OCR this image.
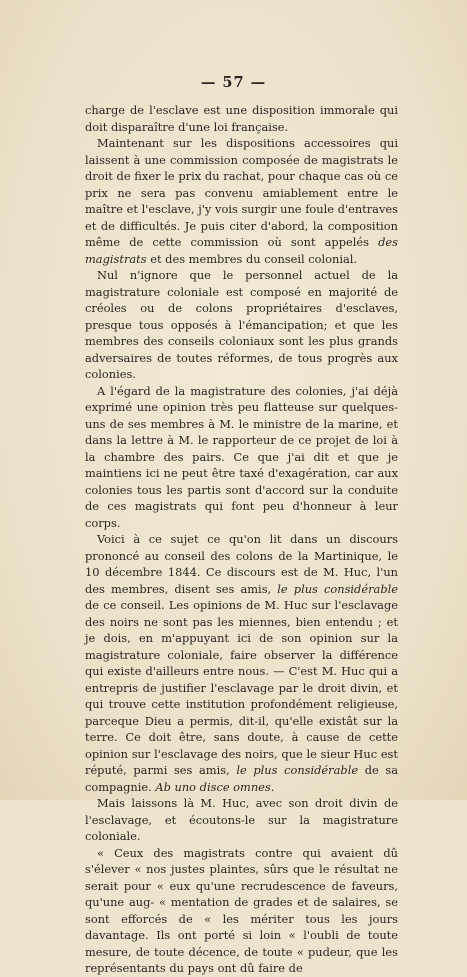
— 57 —

charge de l'esclave est une disposition immorale qui doit disparaître d'une loi française.

Maintenant sur les dispositions accessoires qui laissent à une commission composée de magistrats le droit de fixer le prix du rachat, pour chaque cas où ce prix ne sera pas convenu amiablement entre le maître et l'esclave, j'y vois surgir une foule d'entraves et de difficultés. Je puis citer d'abord, la composition même de cette commission où sont appelés des magistrats et des membres du conseil colonial.

Nul n'ignore que le personnel actuel de la magistrature coloniale est composé en majorité de créoles ou de colons propriétaires d'esclaves, presque tous opposés à l'émancipation; et que les membres des conseils coloniaux sont les plus grands adversaires de toutes réformes, de tous progrès aux colonies.

A l'égard de la magistrature des colonies, j'ai déjà exprimé une opinion très peu flatteuse sur quelques-uns de ses membres à M. le ministre de la marine, et dans la lettre à M. le rapporteur de ce projet de loi à la chambre des pairs. Ce que j'ai dit et que je maintiens ici ne peut être taxé d'exagération, car aux colonies tous les partis sont d'accord sur la conduite de ces magistrats qui font peu d'honneur à leur corps.

Voici à ce sujet ce qu'on lit dans un discours prononcé au conseil des colons de la Martinique, le 10 décembre 1844. Ce discours est de M. Huc, l'un des membres, disent ses amis, le plus considérable de ce conseil. Les opinions de M. Huc sur l'esclavage des noirs ne sont pas les miennes, bien entendu ; et je dois, en m'appuyant ici de son opinion sur la magistrature coloniale, faire observer la différence qui existe d'ailleurs entre nous. — C'est M. Huc qui a entrepris de justifier l'esclavage par le droit divin, et qui trouve cette institution profondément religieuse, parceque Dieu a permis, dit-il, qu'elle existât sur la terre. Ce doit être, sans doute, à cause de cette opinion sur l'esclavage des noirs, que le sieur Huc est réputé, parmi ses amis, le plus considérable de sa compagnie. Ab uno disce omnes.

Mais laissons là M. Huc, avec son droit divin de l'esclavage, et écoutons-le sur la magistrature coloniale.

« Ceux des magistrats contre qui avaient dû s'élever « nos justes plaintes, sûrs que le résultat ne serait pour « eux qu'une recrudescence de faveurs, qu'une aug- « mentation de grades et de salaires, se sont efforcés de « les mériter tous les jours davantage. Ils ont porté si loin « l'oubli de toute mesure, de toute décence, de toute « pudeur, que les représentants du pays ont dû faire de
